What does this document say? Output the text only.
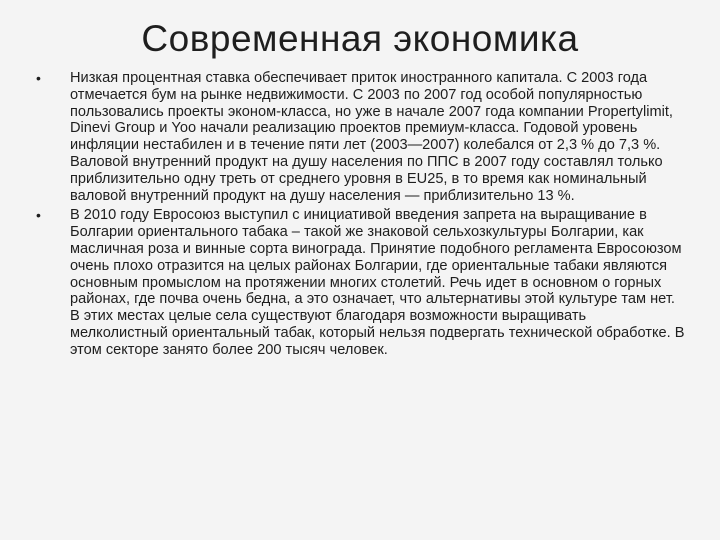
Современная экономика
•	Низкая процентная ставка обеспечивает приток иностранного капитала. С 2003 года отмечается бум на рынке недвижимости. С 2003 по 2007 год особой популярностью пользовались проекты эконом-класса, но уже в начале 2007 года компании Propertylimit, Dinevi Group и Yoo начали реализацию проектов премиум-класса. Годовой уровень инфляции нестабилен и в течение пяти лет (2003—2007) колебался от 2,3 % до 7,3 %. Валовой внутренний продукт на душу населения по ППС в 2007 году составлял только приблизительно одну треть от среднего уровня в EU25, в то время как номинальный валовой внутренний продукт на душу населения — приблизительно 13 %.
•	В 2010 году Евросоюз выступил с инициативой введения запрета на выращивание в Болгарии ориентального табака – такой же знаковой сельхозкультуры Болгарии, как масличная роза и винные сорта винограда. Принятие подобного регламента Евросоюзом очень плохо отразится на целых районах Болгарии, где ориентальные табаки являются основным промыслом на протяжении многих столетий. Речь идет в основном о горных районах, где почва очень бедна, а это означает, что альтернативы этой культуре там нет. В этих местах целые села существуют благодаря возможности выращивать мелколистный ориентальный табак, который нельзя подвергать технической обработке. В этом секторе занято более 200 тысяч человек.
